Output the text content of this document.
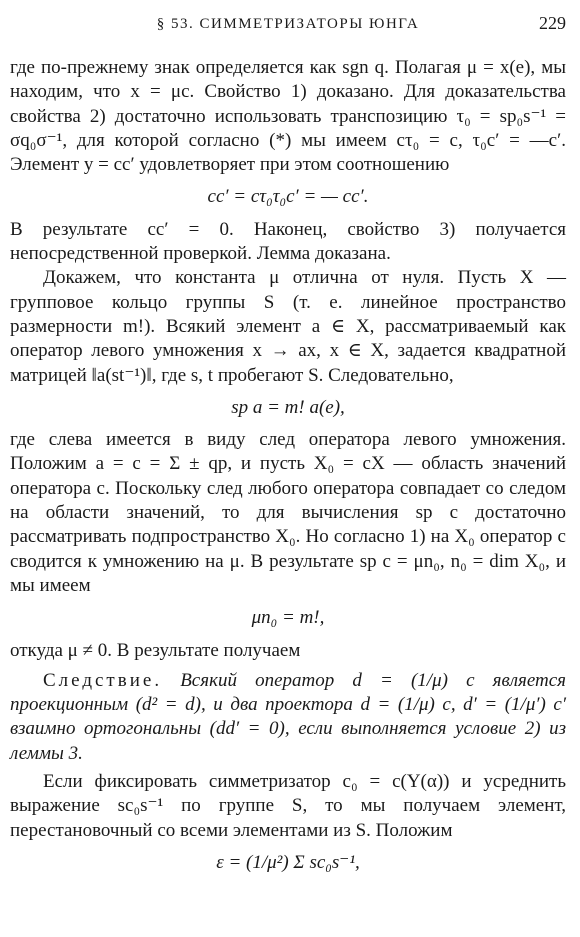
§ 53. СИММЕТРИЗАТОРЫ ЮНГА	229

где по-прежнему знак определяется как sgn q. Полагая μ = x(e), мы находим, что x = μc. Свойство 1) доказано. Для доказательства свойства 2) достаточно использовать транспозицию τ₀ = sp₀s⁻¹ = σq₀σ⁻¹, для которой согласно (*) мы имеем cτ₀ = c, τ₀c′ = —c′. Элемент y = cc′ удовлетворяет при этом соотношению

cc′ = cτ₀τ₀c′ = — cc′.

В результате cc′ = 0. Наконец, свойство 3) получается непосредственной проверкой. Лемма доказана.

Докажем, что константа μ отлична от нуля. Пусть X — групповое кольцо группы S (т. е. линейное пространство размерности m!). Всякий элемент a ∈ X, рассматриваемый как оператор левого умножения x → ax, x ∈ X, задается квадратной матрицей ‖a(st⁻¹)‖, где s, t пробегают S. Следовательно,

sp a = m! a(e),

где слева имеется в виду след оператора левого умножения. Положим a = c = Σ ± qp, и пусть X₀ = cX — область значений оператора c. Поскольку след любого оператора совпадает со следом на области значений, то для вычисления sp c достаточно рассматривать подпространство X₀. Но согласно 1) на X₀ оператор c сводится к умножению на μ. В результате sp c = μn₀, n₀ = dim X₀, и мы имеем

μn₀ = m!,

откуда μ ≠ 0. В результате получаем

Следствие. Всякий оператор d = (1/μ) c является проекционным (d² = d), и два проектора d = (1/μ) c, d′ = (1/μ′) c′ взаимно ортогональны (dd′ = 0), если выполняется условие 2) из леммы 3.

Если фиксировать симметризатор c₀ = c(Y(α)) и усреднить выражение sc₀s⁻¹ по группе S, то мы получаем элемент, перестановочный со всеми элементами из S. Положим

ε = (1/μ²) Σ sc₀s⁻¹,
